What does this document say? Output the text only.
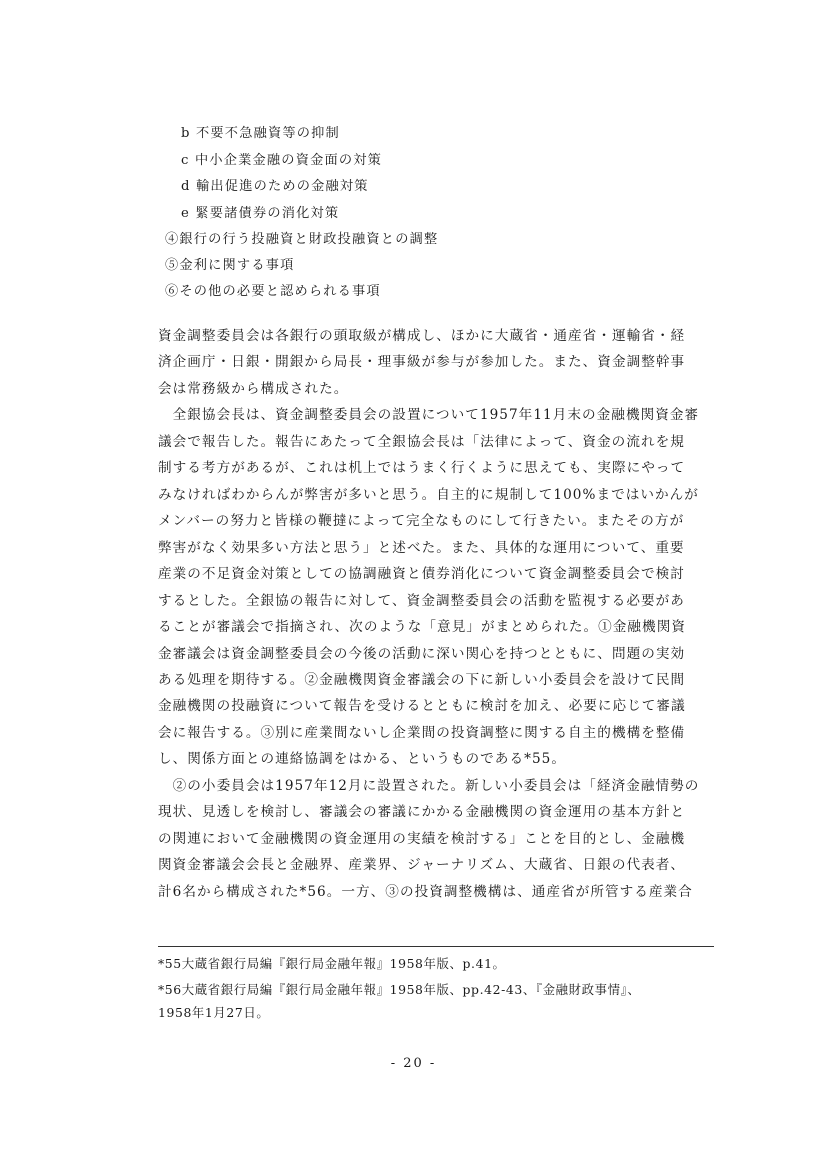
b 不要不急融資等の抑制
c 中小企業金融の資金面の対策
d 輸出促進のための金融対策
e 緊要諸債券の消化対策
④銀行の行う投融資と財政投融資との調整
⑤金利に関する事項
⑥その他の必要と認められる事項
資金調整委員会は各銀行の頭取級が構成し、ほかに大蔵省・通産省・運輸省・経
済企画庁・日銀・開銀から局長・理事級が参与が参加した。また、資金調整幹事
会は常務級から構成された。
　全銀協会長は、資金調整委員会の設置について1957年11月末の金融機関資金審
議会で報告した。報告にあたって全銀協会長は「法律によって、資金の流れを規
制する考方があるが、これは机上ではうまく行くように思えても、実際にやって
みなければわからんが弊害が多いと思う。自主的に規制して100%まではいかんが
メンバーの努力と皆様の鞭撻によって完全なものにして行きたい。またその方が
弊害がなく効果多い方法と思う」と述べた。また、具体的な運用について、重要
産業の不足資金対策としての協調融資と債券消化について資金調整委員会で検討
するとした。全銀協の報告に対して、資金調整委員会の活動を監視する必要があ
ることが審議会で指摘され、次のような「意見」がまとめられた。①金融機関資
金審議会は資金調整委員会の今後の活動に深い関心を持つとともに、問題の実効
ある処理を期待する。②金融機関資金審議会の下に新しい小委員会を設けて民間
金融機関の投融資について報告を受けるとともに検討を加え、必要に応じて審議
会に報告する。③別に産業間ないし企業間の投資調整に関する自主的機構を整備
し、関係方面との連絡協調をはかる、というものである*55。
　②の小委員会は1957年12月に設置された。新しい小委員会は「経済金融情勢の
現状、見透しを検討し、審議会の審議にかかる金融機関の資金運用の基本方針と
の関連において金融機関の資金運用の実績を検討する」ことを目的とし、金融機
関資金審議会会長と金融界、産業界、ジャーナリズム、大蔵省、日銀の代表者、
計6名から構成された*56。一方、③の投資調整機構は、通産省が所管する産業合
*55大蔵省銀行局編『銀行局金融年報』1958年版、p.41。
*56大蔵省銀行局編『銀行局金融年報』1958年版、pp.42-43、『金融財政事情』、
1958年1月27日。
- 20 -
